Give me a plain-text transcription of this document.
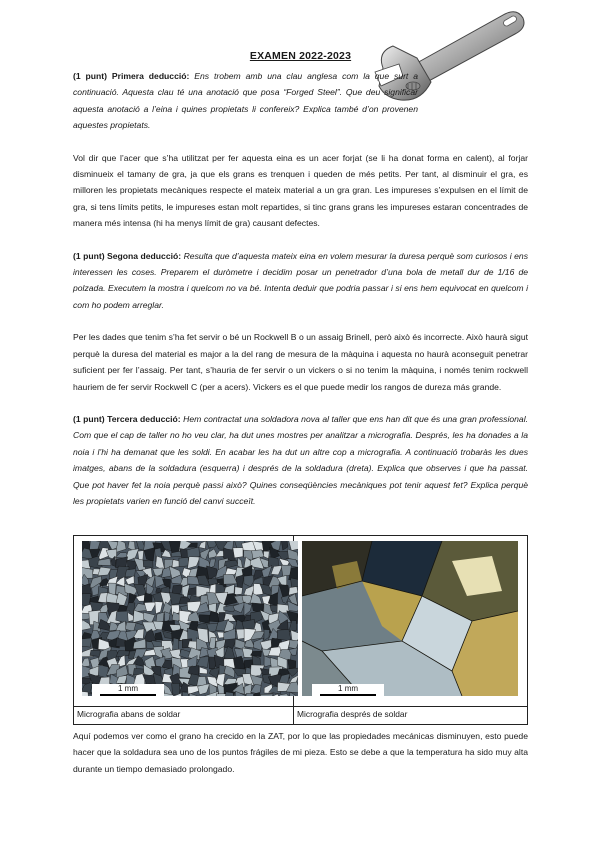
EXAMEN 2022-2023

(1 punt) Primera deducció: Ens trobem amb una clau anglesa com la que surt a continuació. Aquesta clau té una anotació que posa “Forged Steel”. Que deu significar aquesta anotació a l’eina i quines propietats li confereix? Explica també d’on provenen aquestes propietats.

Vol dir que l’acer que s’ha utilitzat per fer aquesta eina es un acer forjat (se li ha donat forma en calent), al forjar disminueix el tamany de gra, ja que els grans es trenquen i queden de més petits. Per tant, al disminuir el gra, es milloren les propietats mecàniques respecte el mateix material a un gra gran. Les impureses s’expulsen en el límit de gra, si tens límits petits, le impureses estan molt repartides, si tinc grans grans les impureses estaran concentrades de manera més intensa (hi ha menys límit de gra) causant defectes.

(1 punt) Segona deducció: Resulta que d’aquesta mateix eina en volem mesurar la duresa perquè som curiosos i ens interessen les coses. Preparem el duròmetre i decidim posar un penetrador d’una bola de metall dur de 1/16 de polzada. Executem la mostra i quelcom no va bé. Intenta deduir que podria passar i si ens hem equivocat en quelcom i com ho podem arreglar.

Per les dades que tenim s’ha fet servir o bé un Rockwell B o un assaig Brinell, però això és incorrecte. Això haurà sigut perquè la duresa del material es major a la del rang de mesura de la màquina i aquesta no haurà aconseguit penetrar suficient per fer l’assaig. Per tant, s’hauria de fer servir o un vickers o si no tenim la màquina, i només tenim rockwell hauriem de fer servir Rockwell C (per a acers). Vickers es el que puede medir los rangos de dureza más grande.

(1 punt) Tercera deducció: Hem contractat una soldadora nova al taller que ens han dit que és una gran professional. Com que el cap de taller no ho veu clar, ha dut unes mostres per analitzar a micrografia. Després, les ha donades a la noia i l’hi ha demanat que les soldi. En acabar les ha dut un altre cop a micrografia. A continuació trobaràs les dues imatges, abans de la soldadura (esquerra) i després de la soldadura (dreta). Explica que observes i que ha passat. Que pot haver fet la noia perquè passi això? Quines conseqüències mecàniques pot tenir aquest fet? Explica perquè les propietats varien en funció del canvi succeït.

1 mm	1 mm

Micrografia abans de soldar	Micrografia després de soldar

Aquí podemos ver como el grano ha crecido en la ZAT, por lo que las propiedades mecánicas disminuyen, esto puede hacer que la soldadura sea uno de los puntos frágiles de mi pieza. Esto se debe a que la temperatura ha sido muy alta durante un tiempo demasiado prolongado.
